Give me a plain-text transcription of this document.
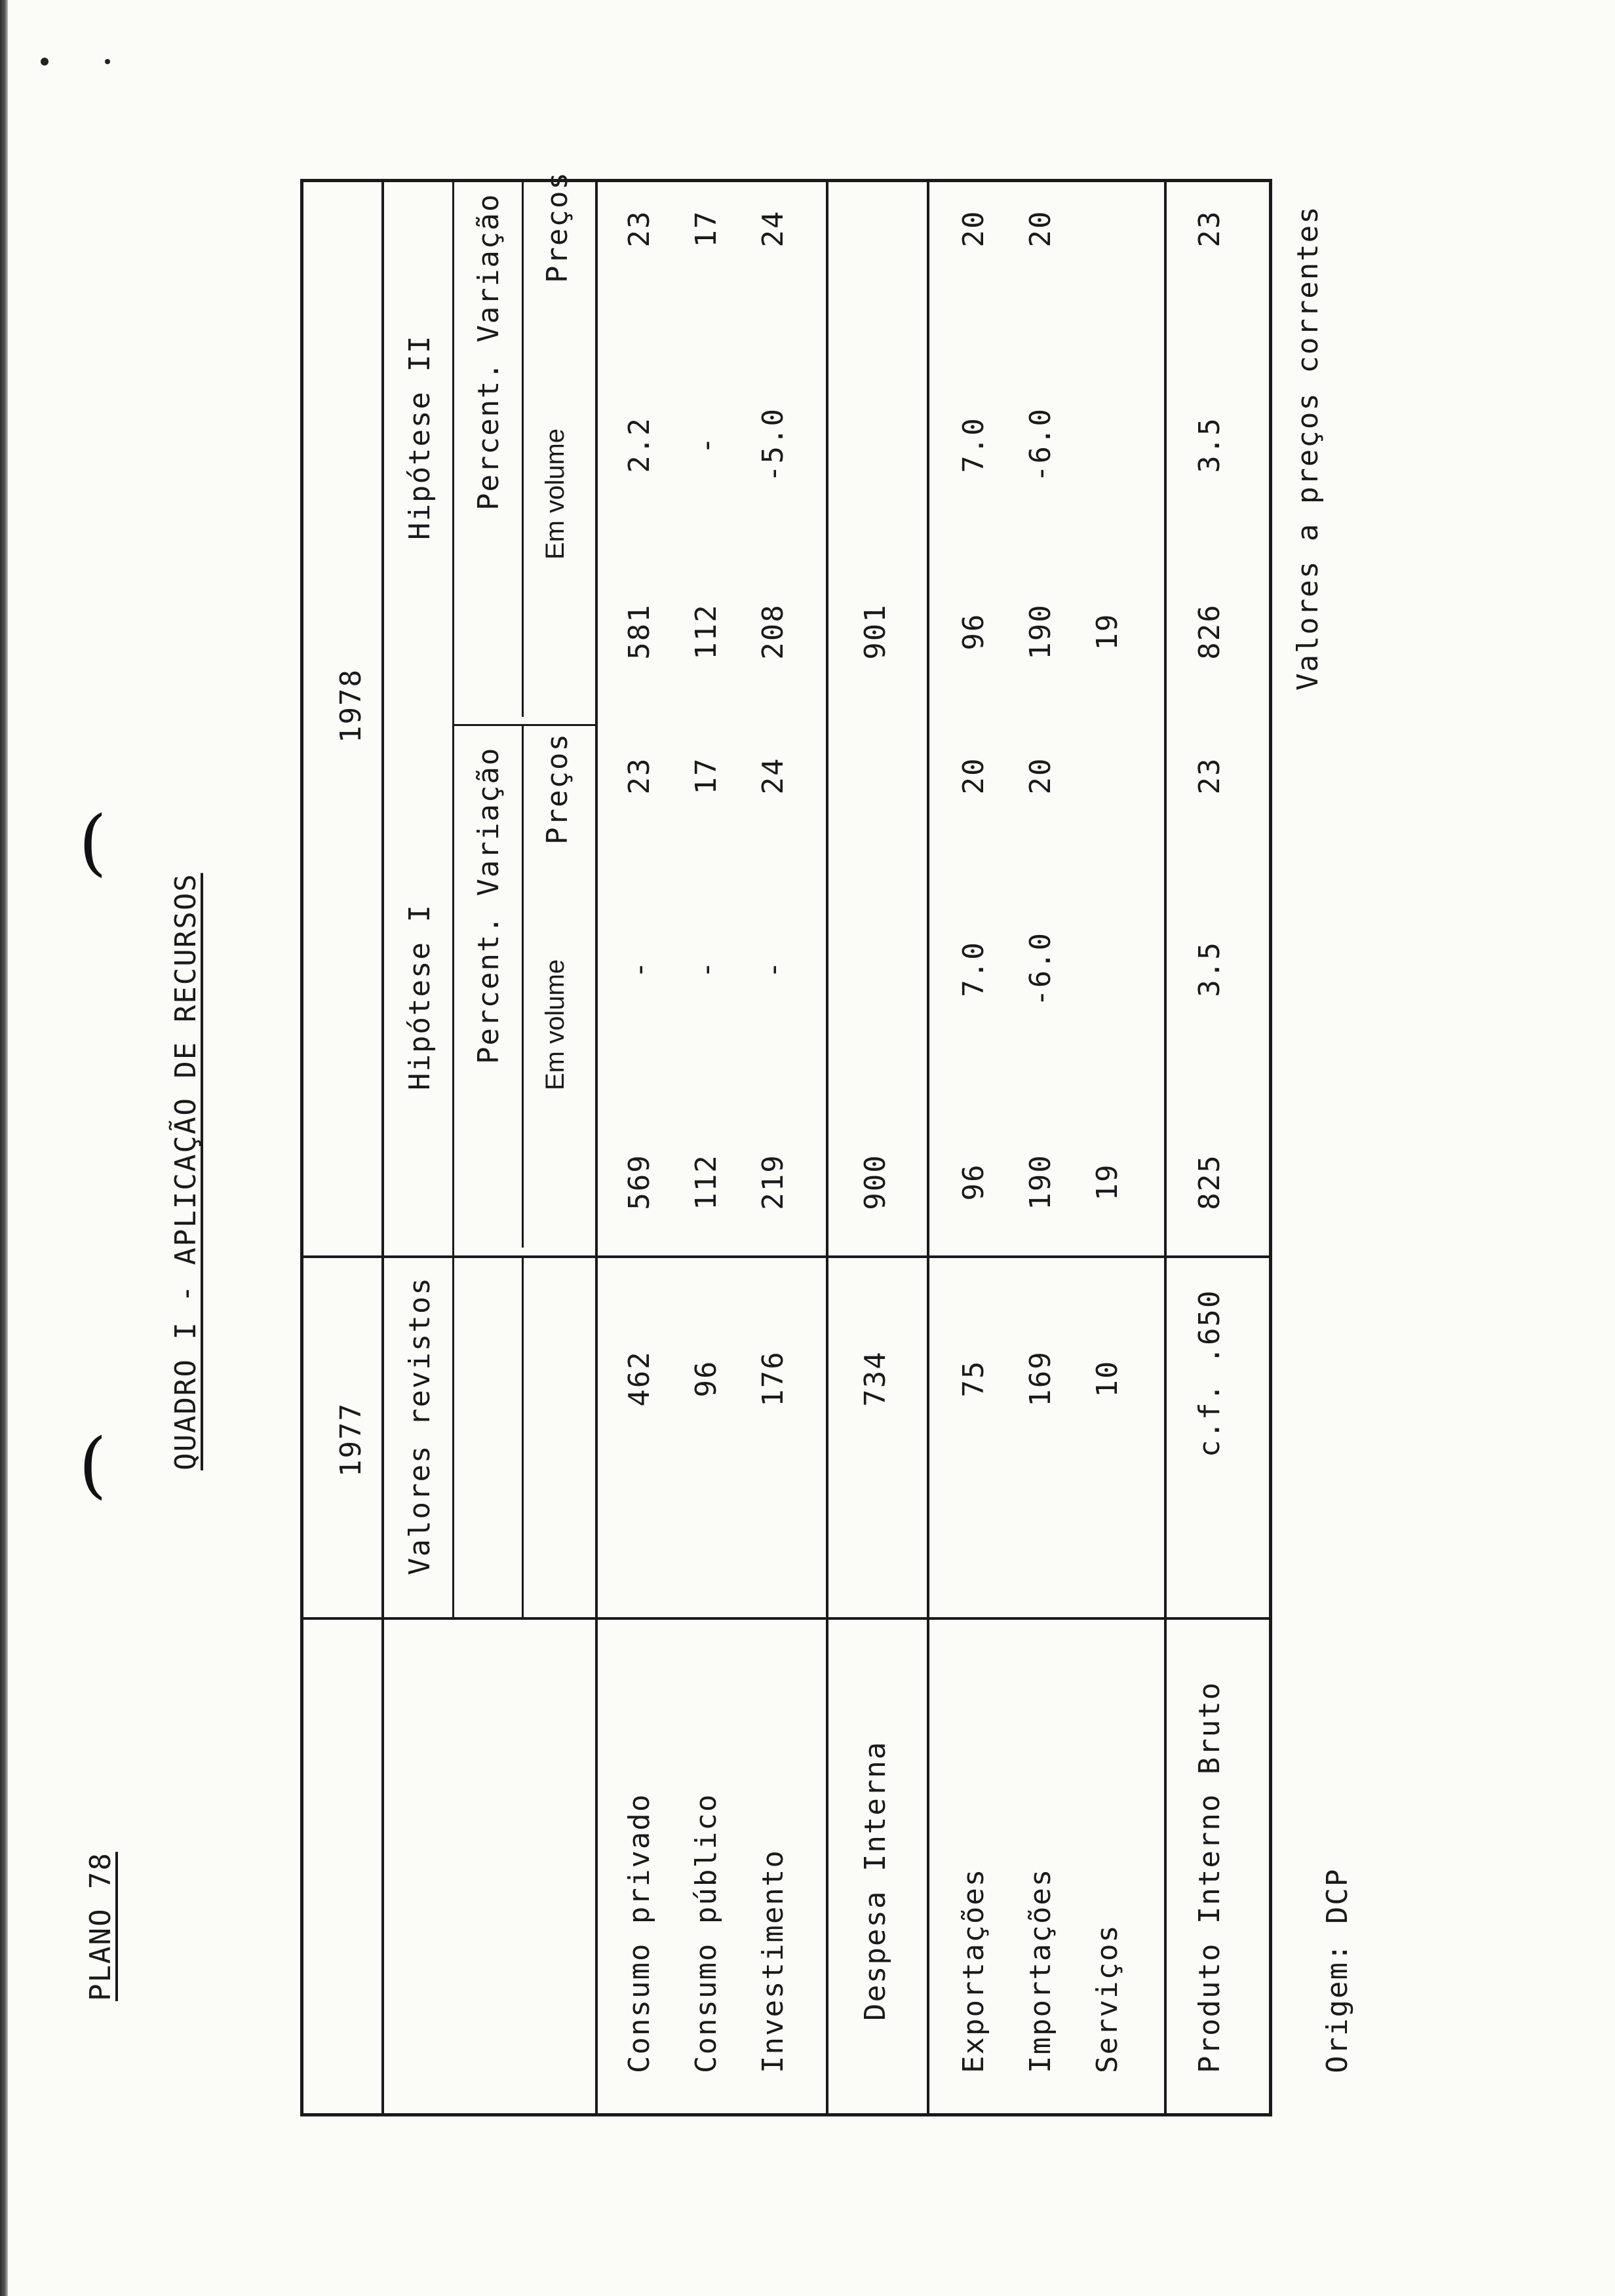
(
(
PLANO 78
QUADRO I - APLICAÇÃO DE RECURSOS
Valores a preços correntes
1977 Valores revistos
1978
Hipótese I
Hipótese II
Percent. Variação
Percent. Variação
Em volume
Preços
Em volume
Preços
Consumo privado
462
569
-
23
581
2.2
23
Consumo público
96
112
-
17
112
-
17
Investimento
176
219
-
24
208
-5.0
24
Despesa Interna
734
900
901
Exportações
75
96
7.0
20
96
7.0
20
Importações
169
190
-6.0
20
190
-6.0
20
Serviços
10
19
19
Produto Interno Bruto
c.f. .650
825
3.5
23
826
3.5
23
Origem: DCP
